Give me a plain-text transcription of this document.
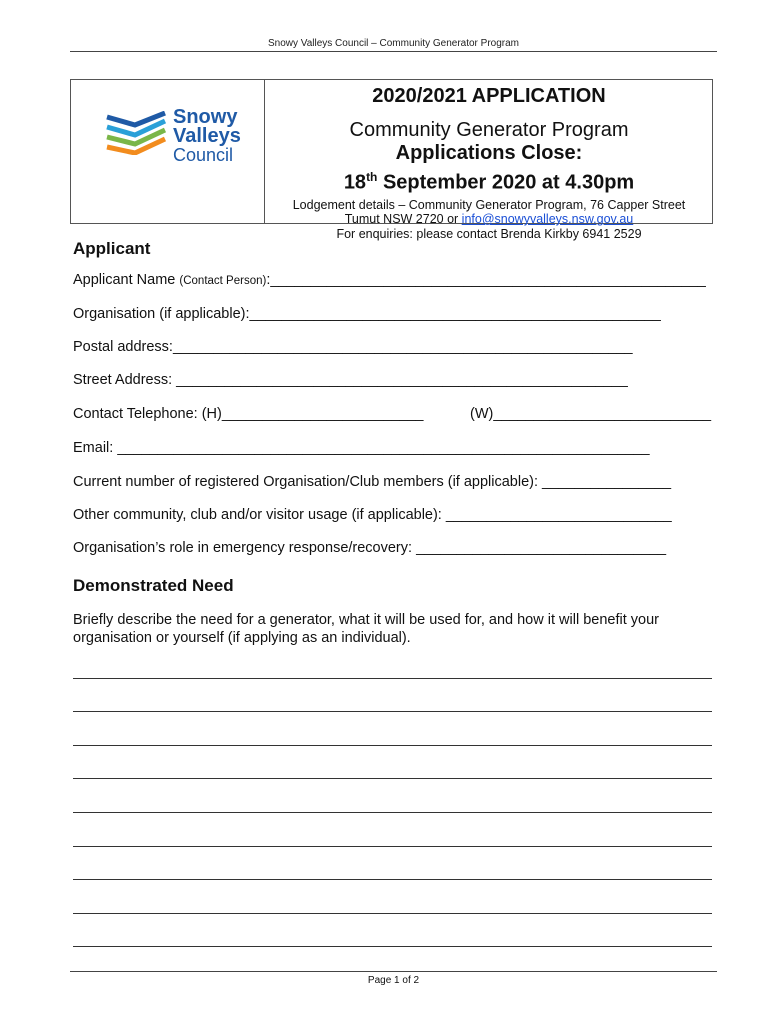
Snowy Valleys Council – Community Generator Program
Snowy
Valleys
Council
2020/2021 APPLICATION
Community Generator Program
Applications Close:
18th September 2020 at 4.30pm
Lodgement details – Community Generator Program, 76 Capper Street
Tumut NSW 2720 or info@snowyvalleys.nsw.gov.au
For enquiries: please contact Brenda Kirkby 6941 2529
Applicant
Applicant Name (Contact Person):______________________________________________________
Organisation (if applicable):___________________________________________________
Postal address:_________________________________________________________
Street Address: ________________________________________________________
Contact Telephone: (H)_________________________	(W)___________________________
Email: __________________________________________________________________
Current number of registered Organisation/Club members (if applicable): ________________
Other community, club and/or visitor usage (if applicable): ____________________________
Organisation’s role in emergency response/recovery: _______________________________
Demonstrated Need
Briefly describe the need for a generator, what it will be used for, and how it will benefit your organisation or yourself (if applying as an individual).
Page 1 of 2
